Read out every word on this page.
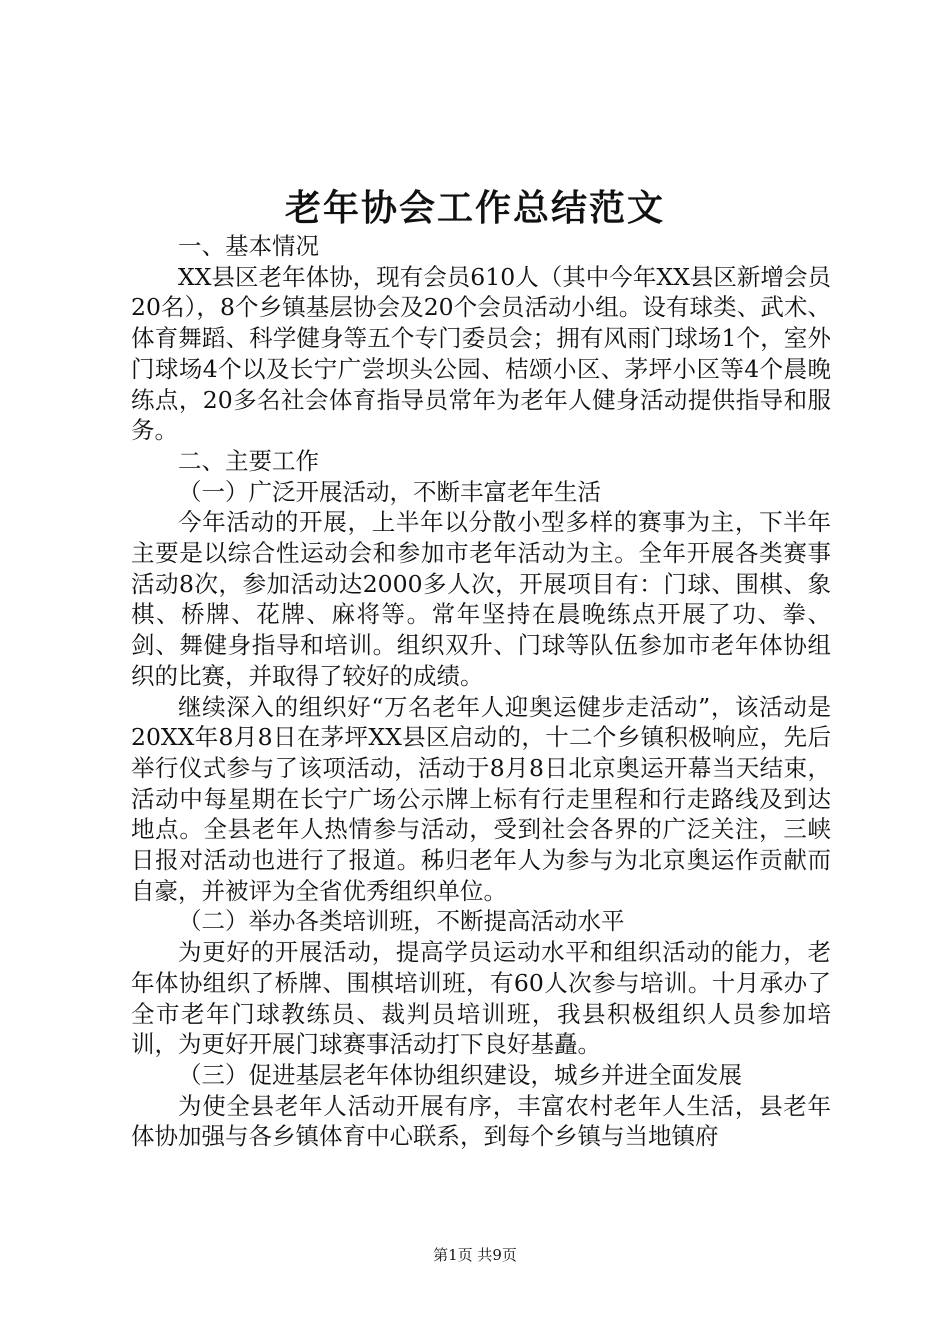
老年协会工作总结范文

一、基本情况

XX县区老年体协，现有会员610人（其中今年XX县区新增会员20名），8个乡镇基层协会及20个会员活动小组。设有球类、武术、体育舞蹈、科学健身等五个专门委员会；拥有风雨门球场1个，室外门球场4个以及长宁广尝坝头公园、桔颂小区、茅坪小区等4个晨晚练点，20多名社会体育指导员常年为老年人健身活动提供指导和服务。

二、主要工作

（一）广泛开展活动，不断丰富老年生活

今年活动的开展，上半年以分散小型多样的赛事为主，下半年主要是以综合性运动会和参加市老年活动为主。全年开展各类赛事活动8次，参加活动达2000多人次，开展项目有：门球、围棋、象棋、桥牌、花牌、麻将等。常年坚持在晨晚练点开展了功、拳、剑、舞健身指导和培训。组织双升、门球等队伍参加市老年体协组织的比赛，并取得了较好的成绩。

继续深入的组织好“万名老年人迎奥运健步走活动”，该活动是20XX年8月8日在茅坪XX县区启动的，十二个乡镇积极响应，先后举行仪式参与了该项活动，活动于8月8日北京奥运开幕当天结束，活动中每星期在长宁广场公示牌上标有行走里程和行走路线及到达地点。全县老年人热情参与活动，受到社会各界的广泛关注，三峡日报对活动也进行了报道。秭归老年人为参与为北京奥运作贡献而自豪，并被评为全省优秀组织单位。

（二）举办各类培训班，不断提高活动水平

为更好的开展活动，提高学员运动水平和组织活动的能力，老年体协组织了桥牌、围棋培训班，有60人次参与培训。十月承办了全市老年门球教练员、裁判员培训班，我县积极组织人员参加培训，为更好开展门球赛事活动打下良好基矗。

（三）促进基层老年体协组织建设，城乡并进全面发展

为使全县老年人活动开展有序，丰富农村老年人生活，县老年体协加强与各乡镇体育中心联系，到每个乡镇与当地镇府

第1页 共9页
